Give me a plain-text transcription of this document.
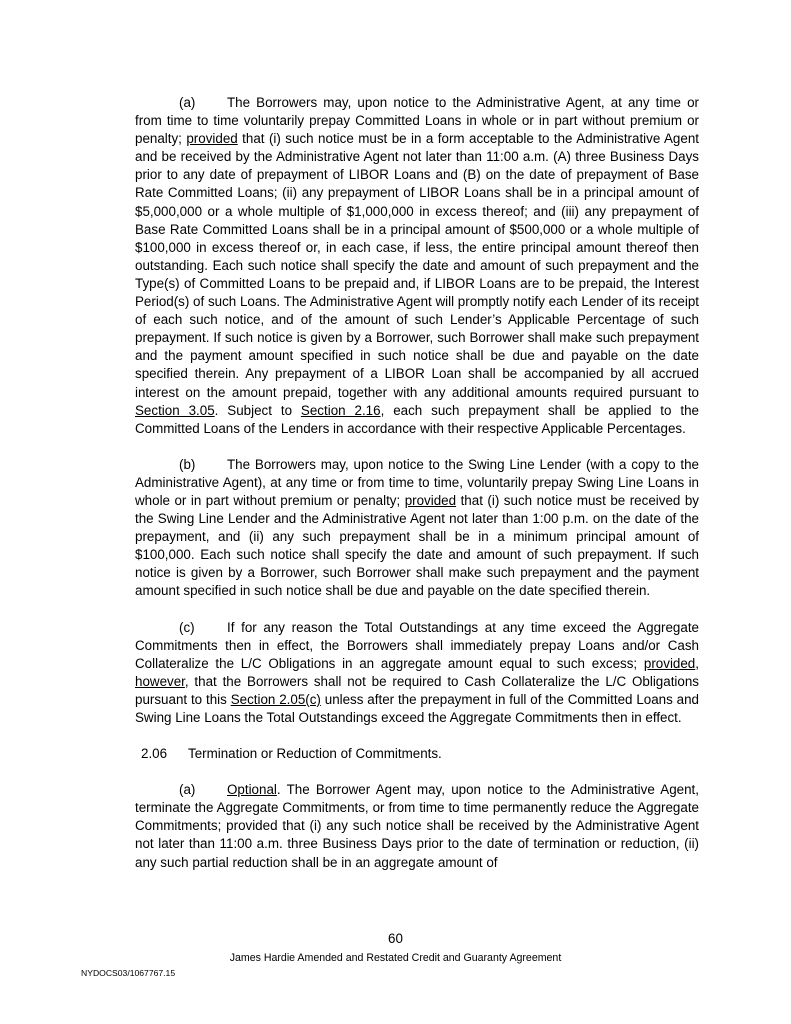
(a) The Borrowers may, upon notice to the Administrative Agent, at any time or from time to time voluntarily prepay Committed Loans in whole or in part without premium or penalty; provided that (i) such notice must be in a form acceptable to the Administrative Agent and be received by the Administrative Agent not later than 11:00 a.m. (A) three Business Days prior to any date of prepayment of LIBOR Loans and (B) on the date of prepayment of Base Rate Committed Loans; (ii) any prepayment of LIBOR Loans shall be in a principal amount of $5,000,000 or a whole multiple of $1,000,000 in excess thereof; and (iii) any prepayment of Base Rate Committed Loans shall be in a principal amount of $500,000 or a whole multiple of $100,000 in excess thereof or, in each case, if less, the entire principal amount thereof then outstanding. Each such notice shall specify the date and amount of such prepayment and the Type(s) of Committed Loans to be prepaid and, if LIBOR Loans are to be prepaid, the Interest Period(s) of such Loans. The Administrative Agent will promptly notify each Lender of its receipt of each such notice, and of the amount of such Lender’s Applicable Percentage of such prepayment. If such notice is given by a Borrower, such Borrower shall make such prepayment and the payment amount specified in such notice shall be due and payable on the date specified therein. Any prepayment of a LIBOR Loan shall be accompanied by all accrued interest on the amount prepaid, together with any additional amounts required pursuant to Section 3.05. Subject to Section 2.16, each such prepayment shall be applied to the Committed Loans of the Lenders in accordance with their respective Applicable Percentages.

(b) The Borrowers may, upon notice to the Swing Line Lender (with a copy to the Administrative Agent), at any time or from time to time, voluntarily prepay Swing Line Loans in whole or in part without premium or penalty; provided that (i) such notice must be received by the Swing Line Lender and the Administrative Agent not later than 1:00 p.m. on the date of the prepayment, and (ii) any such prepayment shall be in a minimum principal amount of $100,000. Each such notice shall specify the date and amount of such prepayment. If such notice is given by a Borrower, such Borrower shall make such prepayment and the payment amount specified in such notice shall be due and payable on the date specified therein.

(c) If for any reason the Total Outstandings at any time exceed the Aggregate Commitments then in effect, the Borrowers shall immediately prepay Loans and/or Cash Collateralize the L/C Obligations in an aggregate amount equal to such excess; provided, however, that the Borrowers shall not be required to Cash Collateralize the L/C Obligations pursuant to this Section 2.05(c) unless after the prepayment in full of the Committed Loans and Swing Line Loans the Total Outstandings exceed the Aggregate Commitments then in effect.

2.06 Termination or Reduction of Commitments.

(a) Optional. The Borrower Agent may, upon notice to the Administrative Agent, terminate the Aggregate Commitments, or from time to time permanently reduce the Aggregate Commitments; provided that (i) any such notice shall be received by the Administrative Agent not later than 11:00 a.m. three Business Days prior to the date of termination or reduction, (ii) any such partial reduction shall be in an aggregate amount of

60
James Hardie Amended and Restated Credit and Guaranty Agreement
NYDOCS03/1067767.15
